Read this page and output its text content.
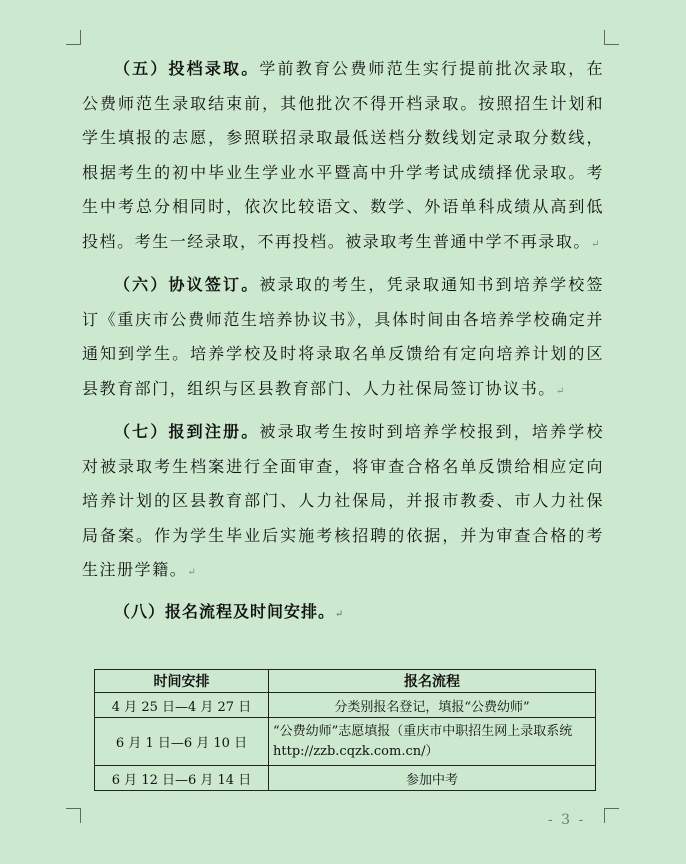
（五）投档录取。学前教育公费师范生实行提前批次录取，在公费师范生录取结束前，其他批次不得开档录取。按照招生计划和学生填报的志愿，参照联招录取最低送档分数线划定录取分数线，根据考生的初中毕业生学业水平暨高中升学考试成绩择优录取。考生中考总分相同时，依次比较语文、数学、外语单科成绩从高到低投档。考生一经录取，不再投档。被录取考生普通中学不再录取。↵

（六）协议签订。被录取的考生，凭录取通知书到培养学校签订《重庆市公费师范生培养协议书》，具体时间由各培养学校确定并通知到学生。培养学校及时将录取名单反馈给有定向培养计划的区县教育部门，组织与区县教育部门、人力社保局签订协议书。↵

（七）报到注册。被录取考生按时到培养学校报到，培养学校对被录取考生档案进行全面审查，将审查合格名单反馈给相应定向培养计划的区县教育部门、人力社保局，并报市教委、市人力社保局备案。作为学生毕业后实施考核招聘的依据，并为审查合格的考生注册学籍。↵

（八）报名流程及时间安排。↵

时间安排	报名流程
4 月 25 日—4 月 27 日	分类别报名登记，填报“公费幼师”
6 月 1 日—6 月 10 日	“公费幼师”志愿填报（重庆市中职招生网上录取系统 http://zzb.cqzk.com.cn/）
6 月 12 日—6 月 14 日	参加中考
- 3 -
